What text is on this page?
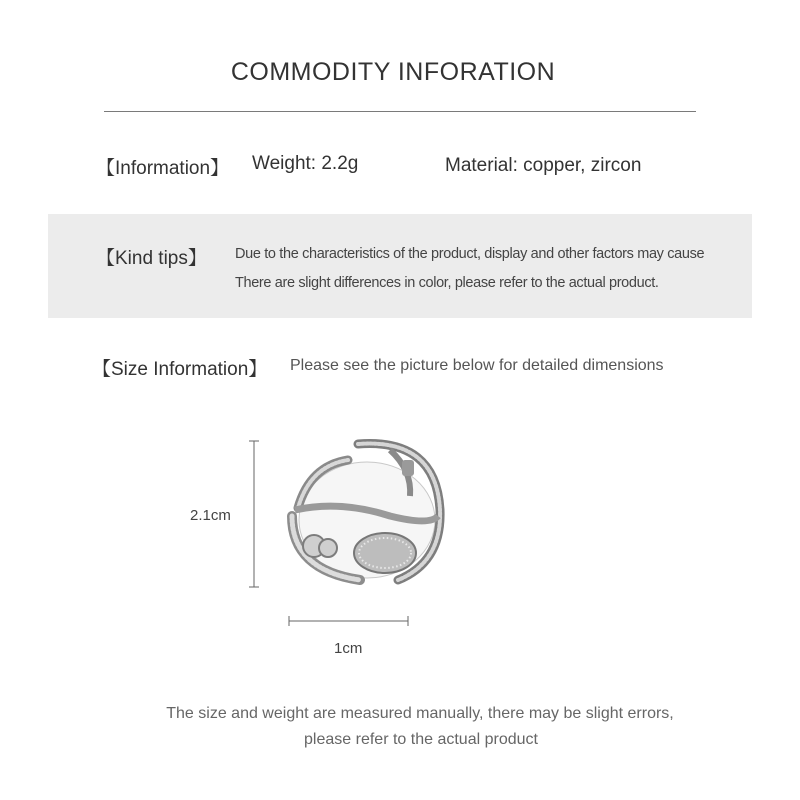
COMMODITY INFORATION
【Information】 Weight: 2.2g	Material: copper, zircon
【Kind tips】 Due to the characteristics of the product, display and other factors may cause
There are slight differences in color, please refer to the actual product.
【Size Information】 Please see the picture below for detailed dimensions
2.1cm
1cm
The size and weight are measured manually, there may be slight errors,
please refer to the actual product
